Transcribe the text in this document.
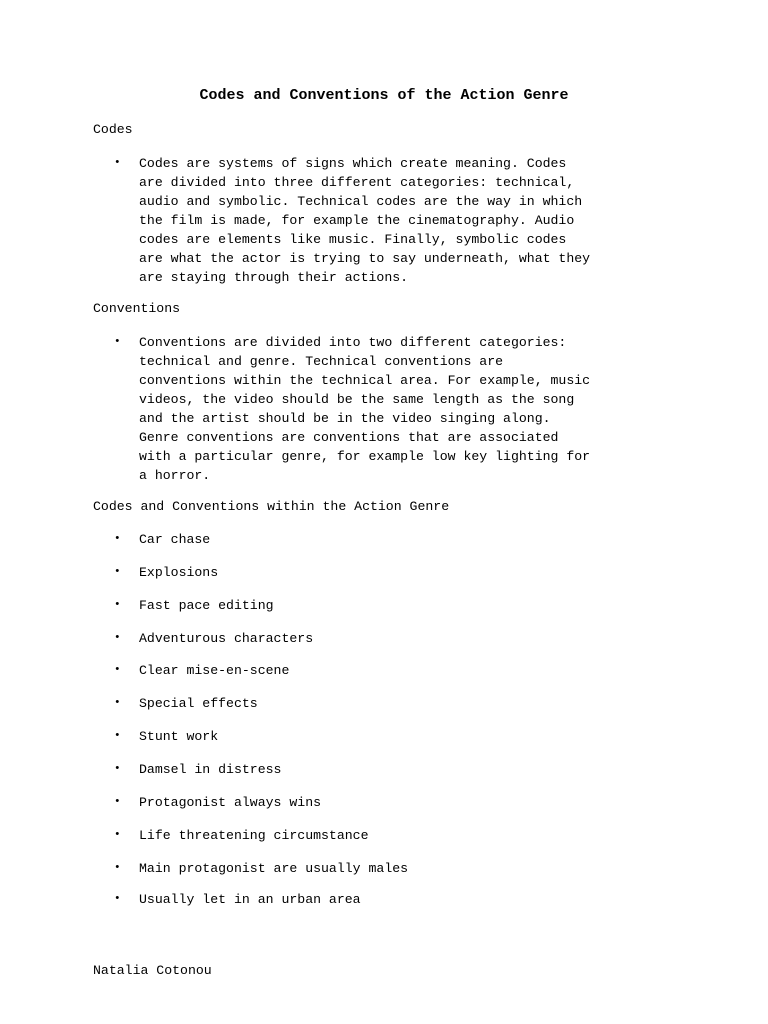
Codes and Conventions of the Action Genre
Codes
• Codes are systems of signs which create meaning. Codes
are divided into three different categories: technical,
audio and symbolic. Technical codes are the way in which
the film is made, for example the cinematography. Audio
codes are elements like music. Finally, symbolic codes
are what the actor is trying to say underneath, what they
are staying through their actions.
Conventions
• Conventions are divided into two different categories:
technical and genre. Technical conventions are
conventions within the technical area. For example, music
videos, the video should be the same length as the song
and the artist should be in the video singing along.
Genre conventions are conventions that are associated
with a particular genre, for example low key lighting for
a horror.
Codes and Conventions within the Action Genre
• Car chase
• Explosions
• Fast pace editing
• Adventurous characters
• Clear mise-en-scene
• Special effects
• Stunt work
• Damsel in distress
• Protagonist always wins
• Life threatening circumstance
• Main protagonist are usually males
• Usually let in an urban area
Natalia Cotonou
